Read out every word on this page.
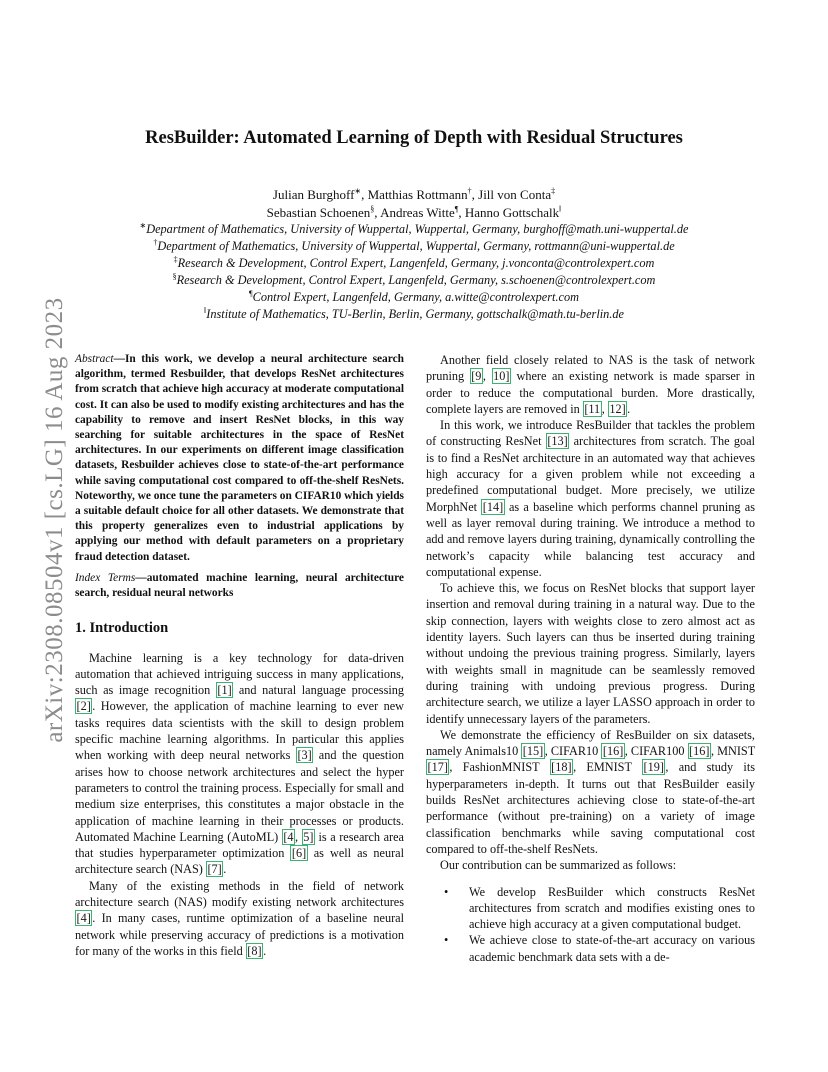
arXiv:2308.08504v1 [cs.LG] 16 Aug 2023
ResBuilder: Automated Learning of Depth with Residual Structures
Julian Burghoff∗, Matthias Rottmann†, Jill von Conta‡
Sebastian Schoenen§, Andreas Witte¶, Hanno Gottschalk‖
∗Department of Mathematics, University of Wuppertal, Wuppertal, Germany, burghoff@math.uni-wuppertal.de
†Department of Mathematics, University of Wuppertal, Wuppertal, Germany, rottmann@uni-wuppertal.de
‡Research & Development, Control Expert, Langenfeld, Germany, j.vonconta@controlexpert.com
§Research & Development, Control Expert, Langenfeld, Germany, s.schoenen@controlexpert.com
¶Control Expert, Langenfeld, Germany, a.witte@controlexpert.com
‖Institute of Mathematics, TU-Berlin, Berlin, Germany, gottschalk@math.tu-berlin.de

Abstract—In this work, we develop a neural architecture search algorithm, termed Resbuilder, that develops ResNet architectures from scratch that achieve high accuracy at moderate computational cost. It can also be used to modify existing architectures and has the capability to remove and insert ResNet blocks, in this way searching for suitable architectures in the space of ResNet architectures. In our experiments on different image classification datasets, Resbuilder achieves close to state-of-the-art performance while saving computational cost compared to off-the-shelf ResNets. Noteworthy, we once tune the parameters on CIFAR10 which yields a suitable default choice for all other datasets. We demonstrate that this property generalizes even to industrial applications by applying our method with default parameters on a proprietary fraud detection dataset.

Index Terms—automated machine learning, neural architecture search, residual neural networks

1. Introduction

Machine learning is a key technology for data-driven automation that achieved intriguing success in many applications, such as image recognition [1] and natural language processing [2] . However, the application of machine learning to ever new tasks requires data scientists with the skill to design problem specific machine learning algorithms. In particular this applies when working with deep neural networks [3] and the question arises how to choose network architectures and select the hyper parameters to control the training process. Especially for small and medium size enterprises, this constitutes a major obstacle in the application of machine learning in their processes or products. Automated Machine Learning (AutoML) [4 , 5] is a research area that studies hyperparameter optimization [6] as well as neural architecture search (NAS) [7] .

Many of the existing methods in the field of network architecture search (NAS) modify existing network architectures [4] . In many cases, runtime optimization of a baseline neural network while preserving accuracy of predictions is a motivation for many of the works in this field [8] .

Another field closely related to NAS is the task of network pruning [9 , 10] where an existing network is made sparser in order to reduce the computational burden. More drastically, complete layers are removed in [11 , 12] .

In this work, we introduce ResBuilder that tackles the problem of constructing ResNet [13] architectures from scratch. The goal is to find a ResNet architecture in an automated way that achieves high accuracy for a given problem while not exceeding a predefined computational budget. More precisely, we utilize MorphNet [14] as a baseline which performs channel pruning as well as layer removal during training. We introduce a method to add and remove layers during training, dynamically controlling the network’s capacity while balancing test accuracy and computational expense.

To achieve this, we focus on ResNet blocks that support layer insertion and removal during training in a natural way. Due to the skip connection, layers with weights close to zero almost act as identity layers. Such layers can thus be inserted during training without undoing the previous training progress. Similarly, layers with weights small in magnitude can be seamlessly removed during training with undoing previous progress. During architecture search, we utilize a layer LASSO approach in order to identify unnecessary layers of the parameters.

We demonstrate the efficiency of ResBuilder on six datasets, namely Animals10 [15] , CIFAR10 [16] , CIFAR100 [16] , MNIST [17] , FashionMNIST [18] , EMNIST [19] , and study its hyperparameters in-depth. It turns out that ResBuilder easily builds ResNet architectures achieving close to state-of-the-art performance (without pre-training) on a variety of image classification benchmarks while saving computational cost compared to off-the-shelf ResNets.

Our contribution can be summarized as follows:

• We develop ResBuilder which constructs ResNet architectures from scratch and modifies existing ones to achieve high accuracy at a given computational budget.
• We achieve close to state-of-the-art accuracy on various academic benchmark data sets with a de-
